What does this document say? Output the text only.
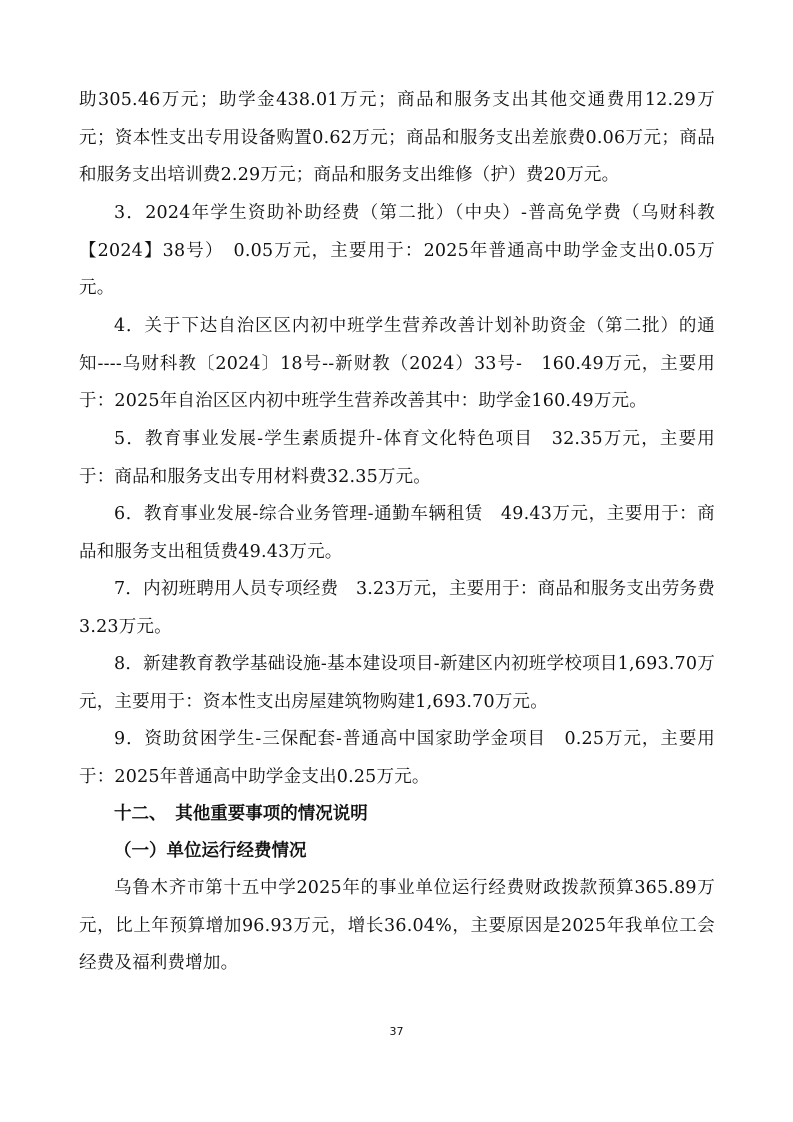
助305.46万元；助学金438.01万元；商品和服务支出其他交通费用12.29万元；资本性支出专用设备购置0.62万元；商品和服务支出差旅费0.06万元；商品和服务支出培训费2.29万元；商品和服务支出维修（护）费20万元。
3．2024年学生资助补助经费（第二批）（中央）-普高免学费（乌财科教【2024】38号）　0.05万元，主要用于：2025年普通高中助学金支出0.05万元。
4．关于下达自治区区内初中班学生营养改善计划补助资金（第二批）的通知----乌财科教〔2024〕18号--新财教（2024）33号-　160.49万元，主要用于：2025年自治区区内初中班学生营养改善其中：助学金160.49万元。
5．教育事业发展-学生素质提升-体育文化特色项目　32.35万元，主要用于：商品和服务支出专用材料费32.35万元。
6．教育事业发展-综合业务管理-通勤车辆租赁　49.43万元，主要用于：商品和服务支出租赁费49.43万元。
7．内初班聘用人员专项经费　3.23万元，主要用于：商品和服务支出劳务费 3.23万元。
8．新建教育教学基础设施-基本建设项目-新建区内初班学校项目1,693.70万元，主要用于：资本性支出房屋建筑物购建1,693.70万元。
9．资助贫困学生-三保配套-普通高中国家助学金项目　0.25万元，主要用于：2025年普通高中助学金支出0.25万元。
十二、　其他重要事项的情况说明
（一）单位运行经费情况
乌鲁木齐市第十五中学2025年的事业单位运行经费财政拨款预算365.89万元，比上年预算增加96.93万元，增长36.04%，主要原因是2025年我单位工会经费及福利费增加。
37
